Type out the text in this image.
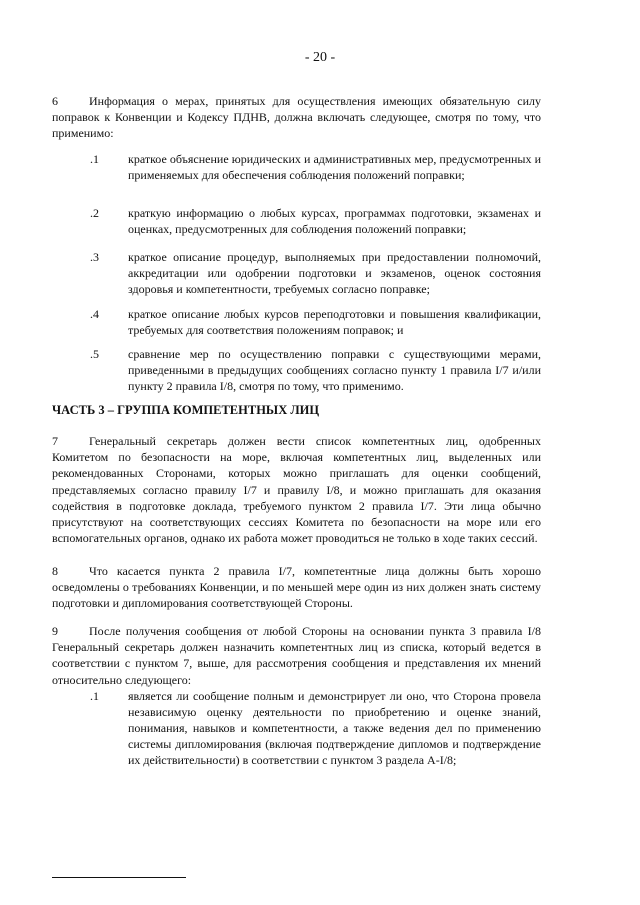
- 20 -
6	Информация о мерах, принятых для осуществления имеющих обязательную силу поправок к Конвенции и Кодексу ПДНВ, должна включать следующее, смотря по тому, что применимо:
.1	краткое объяснение юридических и административных мер, предусмотренных и применяемых для обеспечения соблюдения положений поправки;
.2	краткую информацию о любых курсах, программах подготовки, экзаменах и оценках, предусмотренных для соблюдения положений поправки;
.3	краткое описание процедур, выполняемых при предоставлении полномочий, аккредитации или одобрении подготовки и экзаменов, оценок состояния здоровья и компетентности, требуемых согласно поправке;
.4	краткое описание любых курсов переподготовки и повышения квалификации, требуемых для соответствия положениям поправок; и
.5	сравнение мер по осуществлению поправки с существующими мерами, приведенными в предыдущих сообщениях согласно пункту 1 правила I/7 и/или пункту 2 правила I/8, смотря по тому, что применимо.
ЧАСТЬ 3 – ГРУППА КОМПЕТЕНТНЫХ ЛИЦ
7	Генеральный секретарь должен вести список компетентных лиц, одобренных Комитетом по безопасности на море, включая компетентных лиц, выделенных или рекомендованных Сторонами, которых можно приглашать для оценки сообщений, представляемых согласно правилу I/7 и правилу I/8, и можно приглашать для оказания содействия в подготовке доклада, требуемого пунктом 2 правила I/7. Эти лица обычно присутствуют на соответствующих сессиях Комитета по безопасности на море или его вспомогательных органов, однако их работа может проводиться не только в ходе таких сессий.
8	Что касается пункта 2 правила I/7, компетентные лица должны быть хорошо осведомлены о требованиях Конвенции, и по меньшей мере один из них должен знать систему подготовки и дипломирования соответствующей Стороны.
9	После получения сообщения от любой Стороны на основании пункта 3 правила I/8 Генеральный секретарь должен назначить компетентных лиц из списка, который ведется в соответствии с пунктом 7, выше, для рассмотрения сообщения и представления их мнений относительно следующего:
.1	является ли сообщение полным и демонстрирует ли оно, что Сторона провела независимую оценку деятельности по приобретению и оценке знаний, понимания, навыков и компетентности, а также ведения дел по применению системы дипломирования (включая подтверждение дипломов и подтверждение их действительности) в соответствии с пунктом 3 раздела A-I/8;
